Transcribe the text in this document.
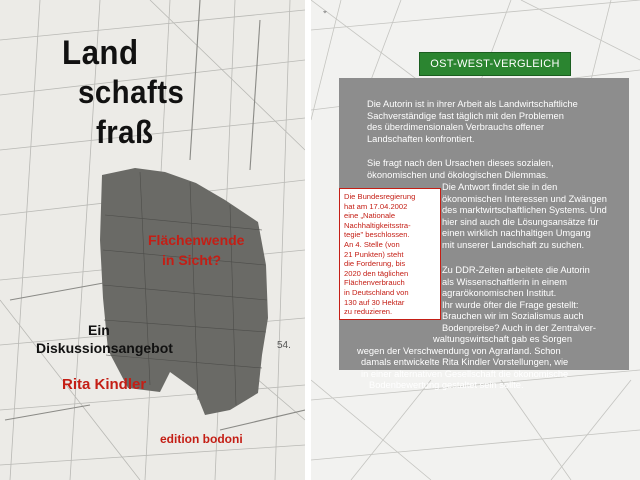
54.
Land
schafts
fraß
Flächenwende
in Sicht?
Ein
Diskussionsangebot
Rita Kindler
edition bodoni
⌖
OST-WEST-VERGLEICH
Die Autorin ist in ihrer Arbeit als Landwirtschaftliche
Sachverständige fast täglich mit den Problemen
des überdimensionalen Verbrauchs offener
Landschaften konfrontiert.
Sie fragt nach den Ursachen dieses sozialen,
ökonomischen und ökologischen Dilemmas.
Die Antwort findet sie in den
ökonomischen Interessen und Zwängen
des marktwirtschaftlichen Systems. Und
hier sind auch die Lösungsansätze für
einen wirklich nachhaltigen Umgang
mit unserer Landschaft zu suchen.
Zu DDR-Zeiten arbeitete die Autorin
als Wissenschaftlerin in einem
agrarökonomischen Institut.
Ihr wurde öfter die Frage gestellt:
Brauchen wir im Sozialismus auch
Bodenpreise? Auch in der Zentralver-
waltungswirtschaft gab es Sorgen
wegen der Verschwendung von Agrarland. Schon
damals entwickelte Rita Kindler Vorstellungen, wie
in einer alternativen Gesellschaft die ökonomische
Bodenbewertung gestaltet sein sollte.
Die Bundesregierung
hat am 17.04.2002
eine „Nationale
Nachhaltigkeitsstra-
tegie" beschlossen.
An 4. Stelle (von
21 Punkten) steht
die Forderung, bis
2020 den täglichen
Flächenverbrauch
in Deutschland von
130 auf 30 Hektar
zu reduzieren.
